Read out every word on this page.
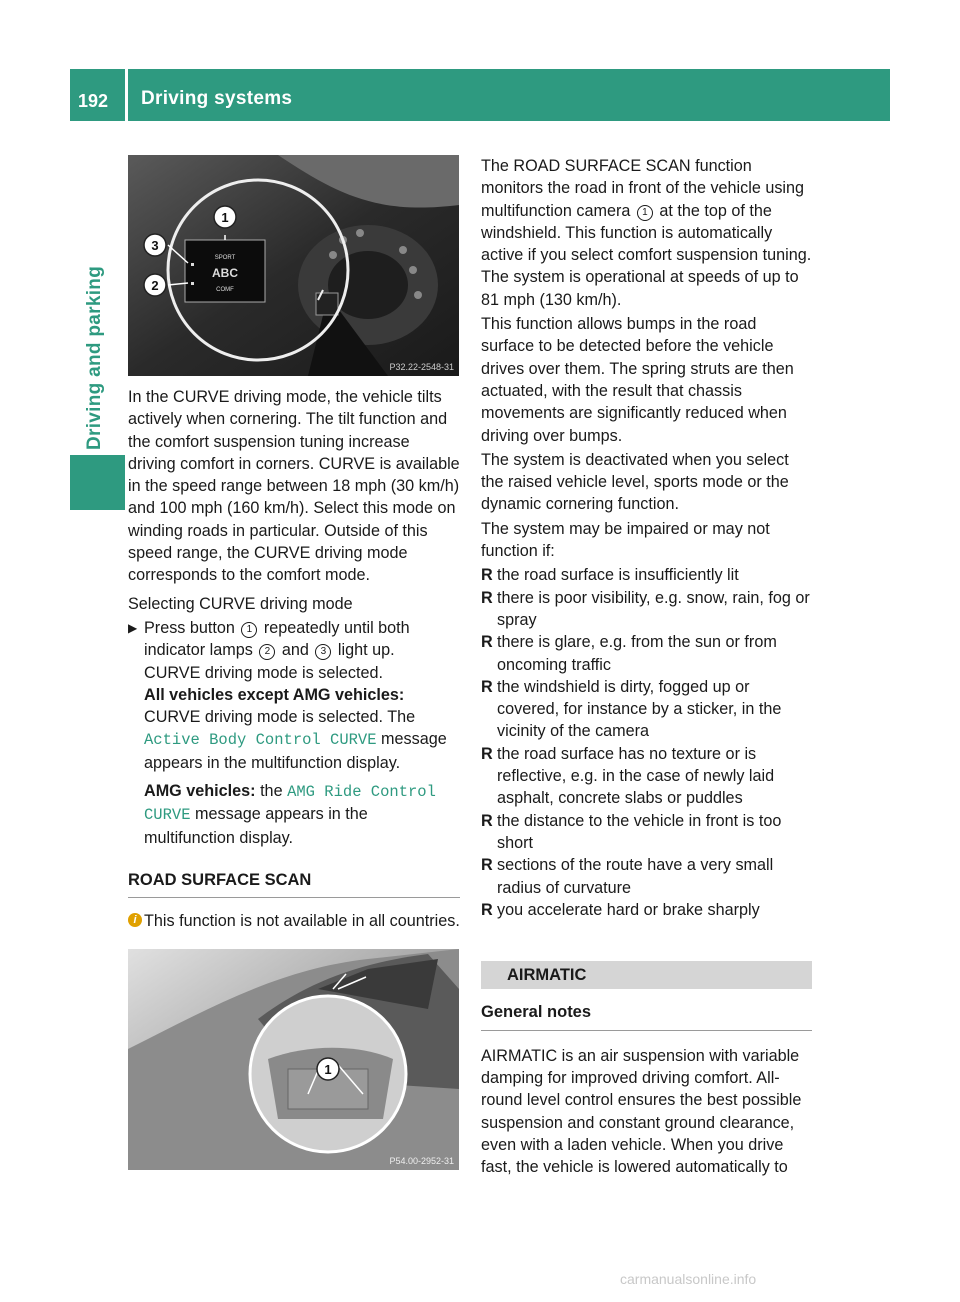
192 Driving systems
Driving and parking
1
3
2
SPORT
ABC
COMF
P32.22-2548-31

In the CURVE driving mode, the vehicle tilts actively when cornering. The tilt function and the comfort suspension tuning increase driving comfort in corners. CURVE is available in the speed range between 18 mph (30 km/h) and 100 mph (160 km/h). Select this mode on winding roads in particular. Outside of this speed range, the CURVE driving mode corresponds to the comfort mode.

Selecting CURVE driving mode

▶ Press button 1 repeatedly until both indicator lamps 2 and 3 light up.

CURVE driving mode is selected.

All vehicles except AMG vehicles:

CURVE driving mode is selected. The Active Body Control CURVE message appears in the multifunction display.

AMG vehicles: the AMG Ride Control CURVE message appears in the multifunction display.

ROAD SURFACE SCAN
i This function is not available in all countries.
1
P54.00-2952-31

The ROAD SURFACE SCAN function monitors the road in front of the vehicle using multifunction camera 1 at the top of the windshield. This function is automatically active if you select comfort suspension tuning. The system is operational at speeds of up to 81 mph (130 km/h).

This function allows bumps in the road surface to be detected before the vehicle drives over them. The spring struts are then actuated, with the result that chassis movements are significantly reduced when driving over bumps.

The system is deactivated when you select the raised vehicle level, sports mode or the dynamic cornering function.

The system may be impaired or may not function if:

R the road surface is insufficiently lit
R there is poor visibility, e.g. snow, rain, fog or spray
R there is glare, e.g. from the sun or from oncoming traffic
R the windshield is dirty, fogged up or covered, for instance by a sticker, in the vicinity of the camera
R the road surface has no texture or is reflective, e.g. in the case of newly laid asphalt, concrete slabs or puddles
R the distance to the vehicle in front is too short
R sections of the route have a very small radius of curvature
R you accelerate hard or brake sharply
AIRMATIC
General notes

AIRMATIC is an air suspension with variable damping for improved driving comfort. All-round level control ensures the best possible suspension and constant ground clearance, even with a laden vehicle. When you drive fast, the vehicle is lowered automatically to

carmanualsonline.info
